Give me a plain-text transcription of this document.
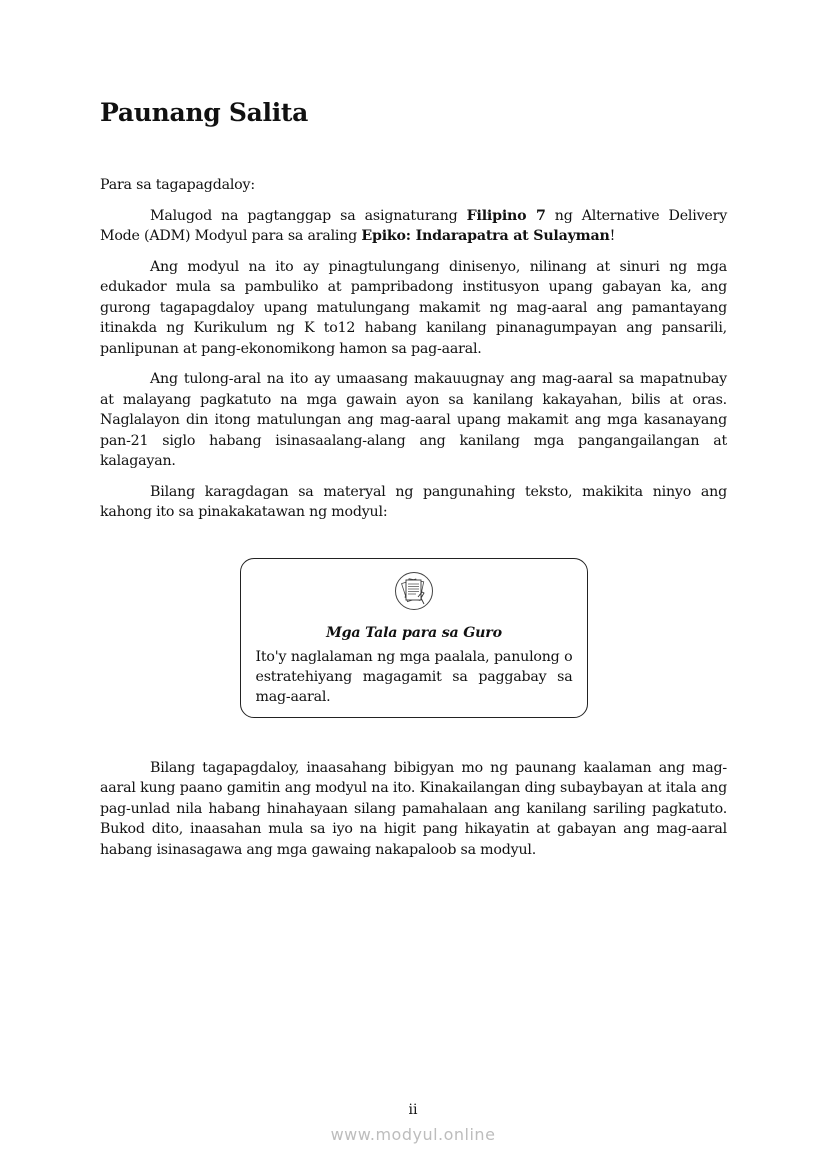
Paunang Salita

Para sa tagapagdaloy:

Malugod na pagtanggap sa asignaturang Filipino 7 ng Alternative Delivery Mode (ADM) Modyul para sa araling Epiko: Indarapatra at Sulayman!

Ang modyul na ito ay pinagtulungang dinisenyo, nilinang at sinuri ng mga edukador mula sa pambuliko at pampribadong institusyon upang gabayan ka, ang gurong tagapagdaloy upang matulungang makamit ng mag-aaral ang pamantayang itinakda ng Kurikulum ng K to12 habang kanilang pinanagumpayan ang pansarili, panlipunan at pang-ekonomikong hamon sa pag-aaral.

Ang tulong-aral na ito ay umaasang makauugnay ang mag-aaral sa mapatnubay at malayang pagkatuto na mga gawain ayon sa kanilang kakayahan, bilis at oras. Naglalayon din itong matulungan ang mag-aaral upang makamit ang mga kasanayang pan-21 siglo habang isinasaalang-alang ang kanilang mga pangangailangan at kalagayan.

Bilang karagdagan sa materyal ng pangunahing teksto, makikita ninyo ang kahong ito sa pinakakatawan ng modyul:

Mga Tala para sa Guro
Ito'y naglalaman ng mga paalala, panulong o estratehiyang magagamit sa paggabay sa mag-aaral.

Bilang tagapagdaloy, inaasahang bibigyan mo ng paunang kaalaman ang mag-aaral kung paano gamitin ang modyul na ito. Kinakailangan ding subaybayan at itala ang pag-unlad nila habang hinahayaan silang pamahalaan ang kanilang sariling pagkatuto. Bukod dito, inaasahan mula sa iyo na higit pang hikayatin at gabayan ang mag-aaral habang isinasagawa ang mga gawaing nakapaloob sa modyul.

ii
www.modyul.online
